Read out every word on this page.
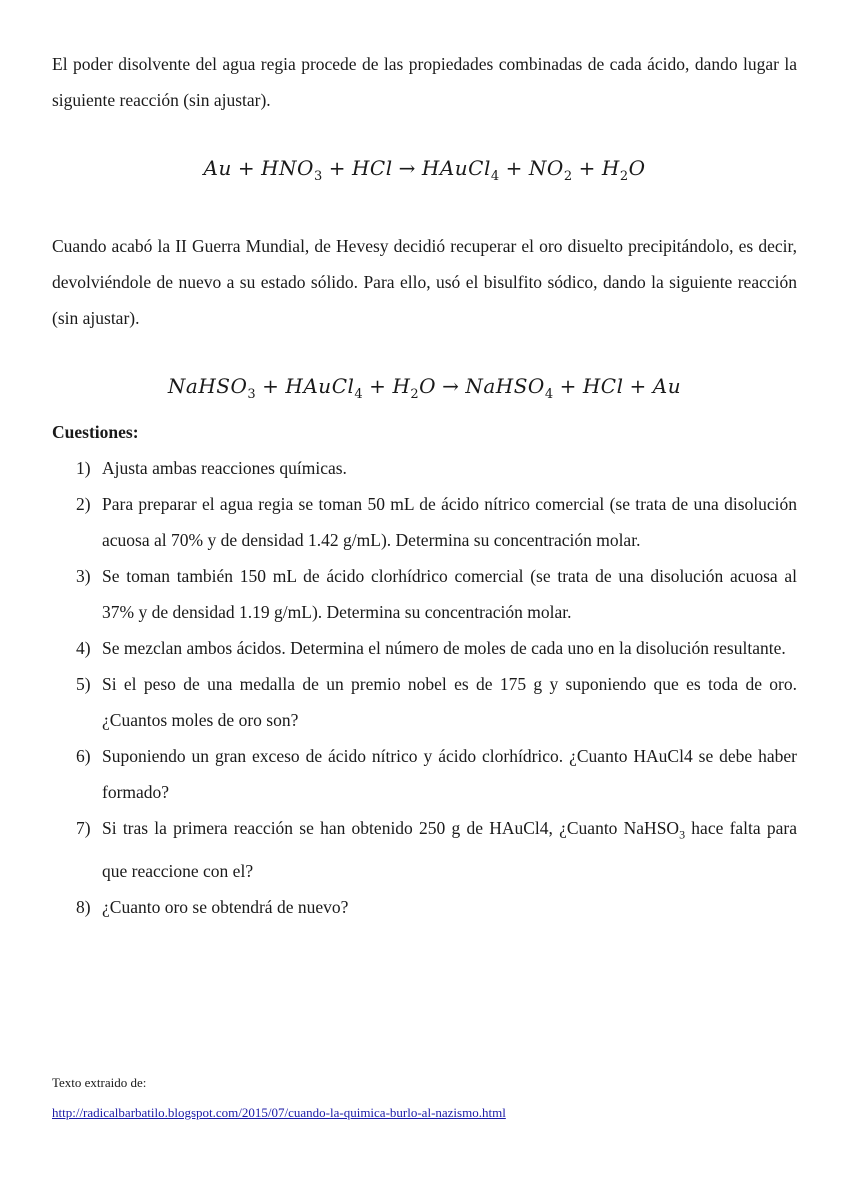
El poder disolvente del agua regia procede de las propiedades combinadas de cada ácido, dando lugar la siguiente reacción (sin ajustar).

$Au + HNO_3$ + HCl → HAuCl$_4$ + $NO_2 + H_2O$

Cuando acabó la II Guerra Mundial, de Hevesy decidió recuperar el oro disuelto precipitándolo, es decir, devolviéndole de nuevo a su estado sólido. Para ello, usó el bisulfito sódico, dando la siguiente reacción (sin ajustar).

NaHSO$_3$ + HAuCl$_4$ + $H_2O$ → NaHSO$_4$ + HCl + Au
Cuestiones:
1) Ajusta ambas reacciones químicas.
2) Para preparar el agua regia se toman 50 mL de ácido nítrico comercial (se trata de una disolución acuosa al 70% y de densidad 1.42 g/mL). Determina su concentración molar.
3) Se toman también 150 mL de ácido clorhídrico comercial (se trata de una disolución acuosa al 37% y de densidad 1.19 g/mL). Determina su concentración molar.
4) Se mezclan ambos ácidos. Determina el número de moles de cada uno en la disolución resultante.
5) Si el peso de una medalla de un premio nobel es de 175 g y suponiendo que es toda de oro. ¿Cuantos moles de oro son?
6) Suponiendo un gran exceso de ácido nítrico y ácido clorhídrico. ¿Cuanto HAuCl4 se debe haber formado?
7) Si tras la primera reacción se han obtenido 250 g de HAuCl4, ¿Cuanto NaHSO$_3$ hace falta para que reaccione con el?
8) ¿Cuanto oro se obtendrá de nuevo?
Texto extraido de:
http://radicalbarbatilo.blogspot.com/2015/07/cuando-la-quimica-burlo-al-nazismo.html
